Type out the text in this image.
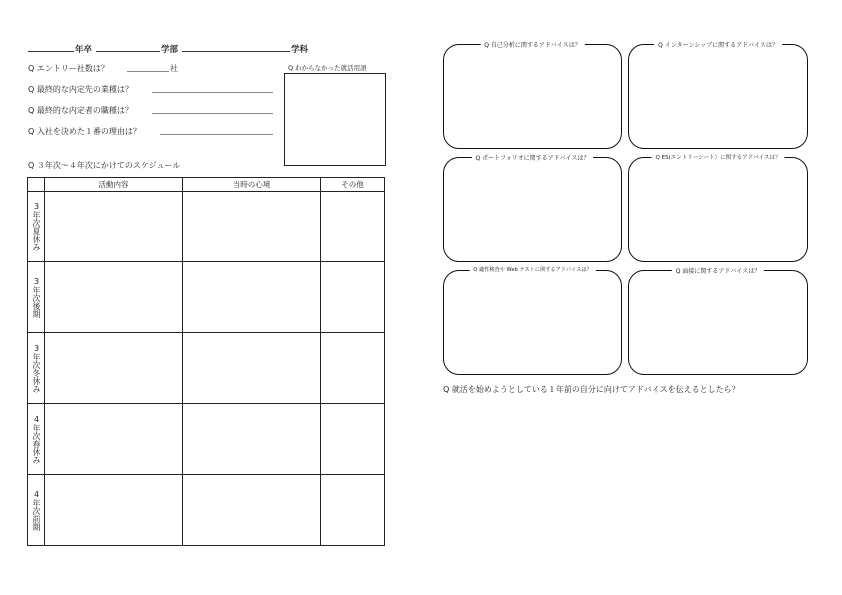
年卒	学部	学科
Q エントリー社数は？	社
Q 最終的な内定先の業種は？
Q 最終的な内定者の職種は？
Q 入社を決めた１番の理由は？
Q わからなかった就活用語
Q ３年次〜４年次にかけてのスケジュール
	活動内容	当時の心境	その他

3年次夏休み			

3年次後期			

3年次冬休み			

4年次春休み			

4年次前期			

Q 自己分析に関するアドバイスは？	Q インターンシップに関するアドバイスは？
Q ポートフォリオに関するアドバイスは？	Q ES(エントリーシート）に関するアドバイスは？
Q 適性検査や Web テストに関するアドバイスは？	Q 面接に関するアドバイスは？
Q 就活を始めようとしている１年前の自分に向けてアドバイスを伝えるとしたら？
